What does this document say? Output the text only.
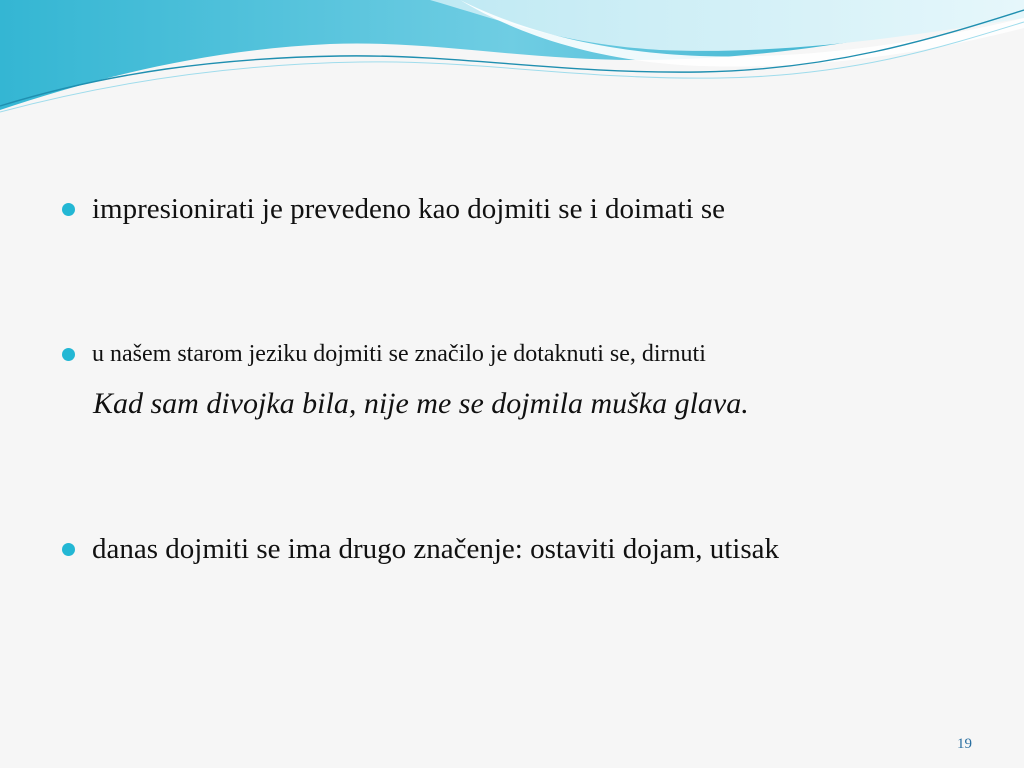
impresionirati je prevedeno kao dojmiti se i doimati se
u našem starom jeziku dojmiti se značilo je dotaknuti se, dirnuti
Kad sam divojka bila, nije me se dojmila muška glava.
danas dojmiti se ima drugo značenje: ostaviti dojam, utisak
19
